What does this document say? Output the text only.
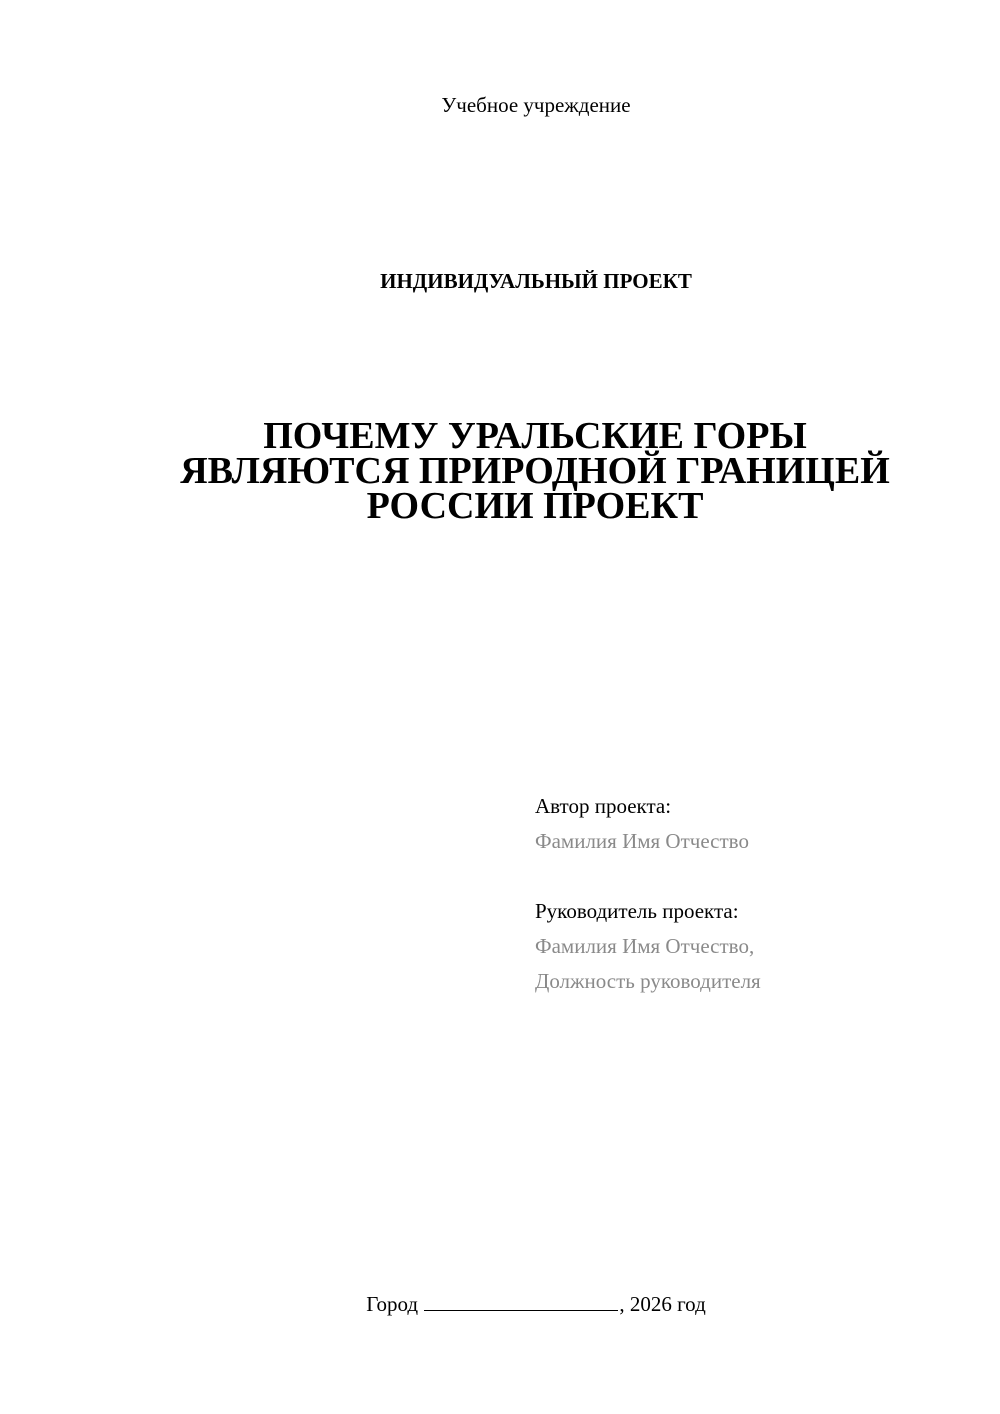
Учебное учреждение
ИНДИВИДУАЛЬНЫЙ ПРОЕКТ
ПОЧЕМУ УРАЛЬСКИЕ ГОРЫ
ЯВЛЯЮТСЯ ПРИРОДНОЙ ГРАНИЦЕЙ
РОССИИ ПРОЕКТ
Автор проекта:
Фамилия Имя Отчество
Руководитель проекта:
Фамилия Имя Отчество,
Должность руководителя
Город	, 2026 год
